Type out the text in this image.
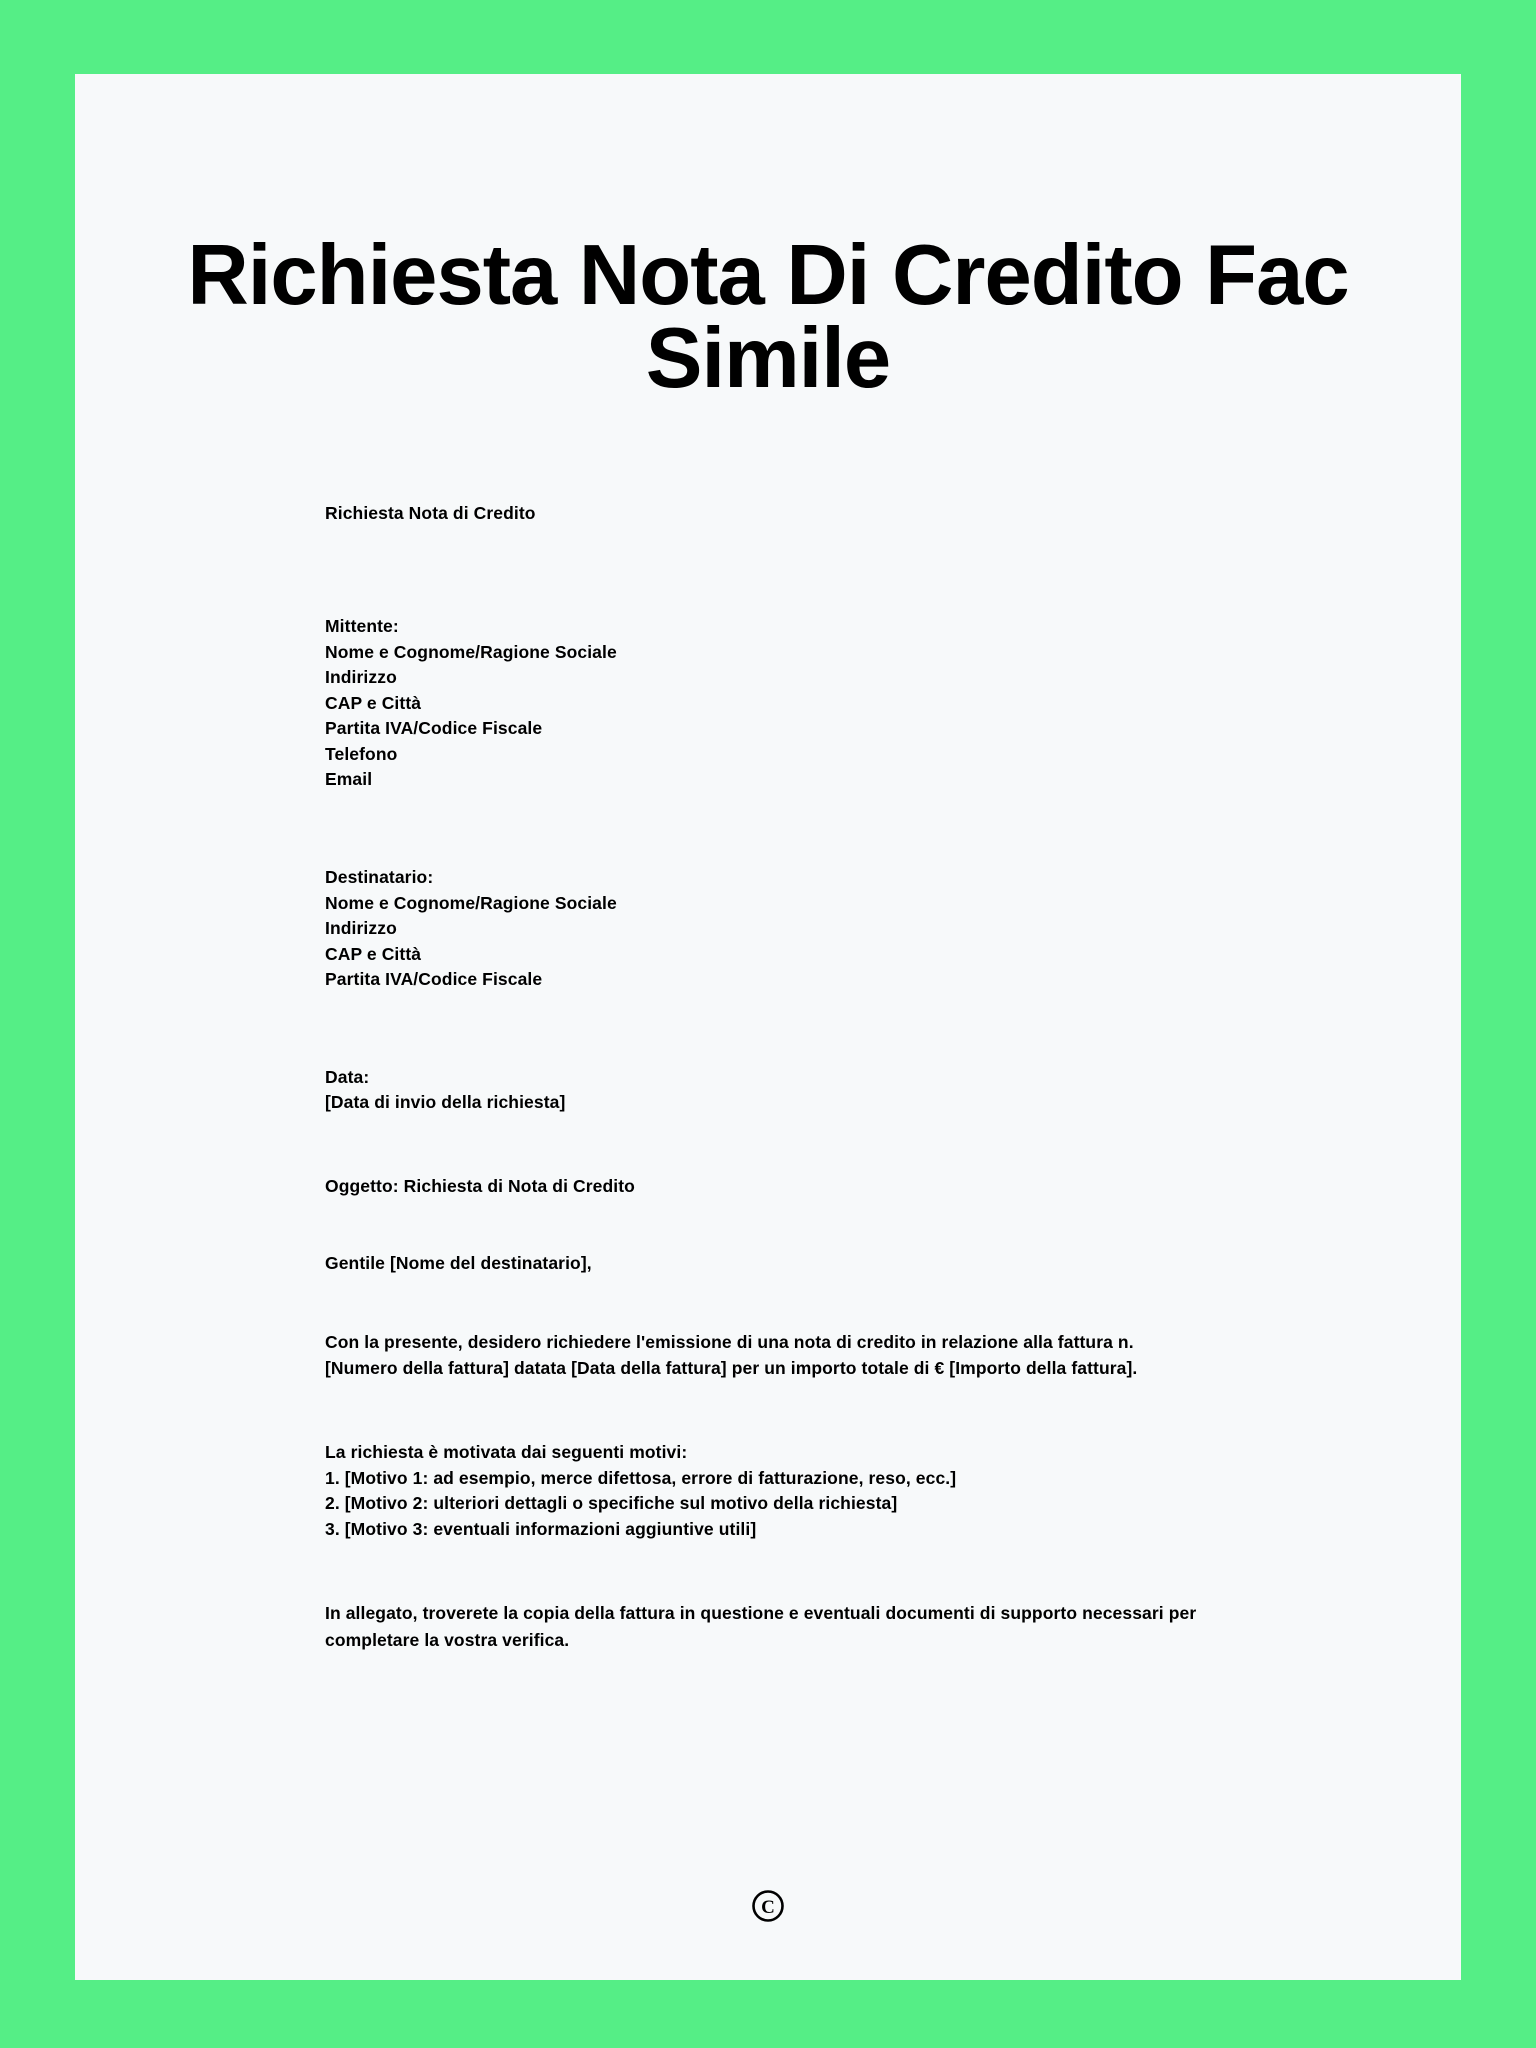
Richiesta Nota Di Credito Fac Simile
Richiesta Nota di Credito
Mittente:
Nome e Cognome/Ragione Sociale
Indirizzo
CAP e Città
Partita IVA/Codice Fiscale
Telefono
Email
Destinatario:
Nome e Cognome/Ragione Sociale
Indirizzo
CAP e Città
Partita IVA/Codice Fiscale
Data:
[Data di invio della richiesta]
Oggetto: Richiesta di Nota di Credito
Gentile [Nome del destinatario],
Con la presente, desidero richiedere l'emissione di una nota di credito in relazione alla fattura n. [Numero della fattura] datata [Data della fattura] per un importo totale di € [Importo della fattura].
La richiesta è motivata dai seguenti motivi:
1. [Motivo 1: ad esempio, merce difettosa, errore di fatturazione, reso, ecc.]
2. [Motivo 2: ulteriori dettagli o specifiche sul motivo della richiesta]
3. [Motivo 3: eventuali informazioni aggiuntive utili]
In allegato, troverete la copia della fattura in questione e eventuali documenti di supporto necessari per completare la vostra verifica.
C
